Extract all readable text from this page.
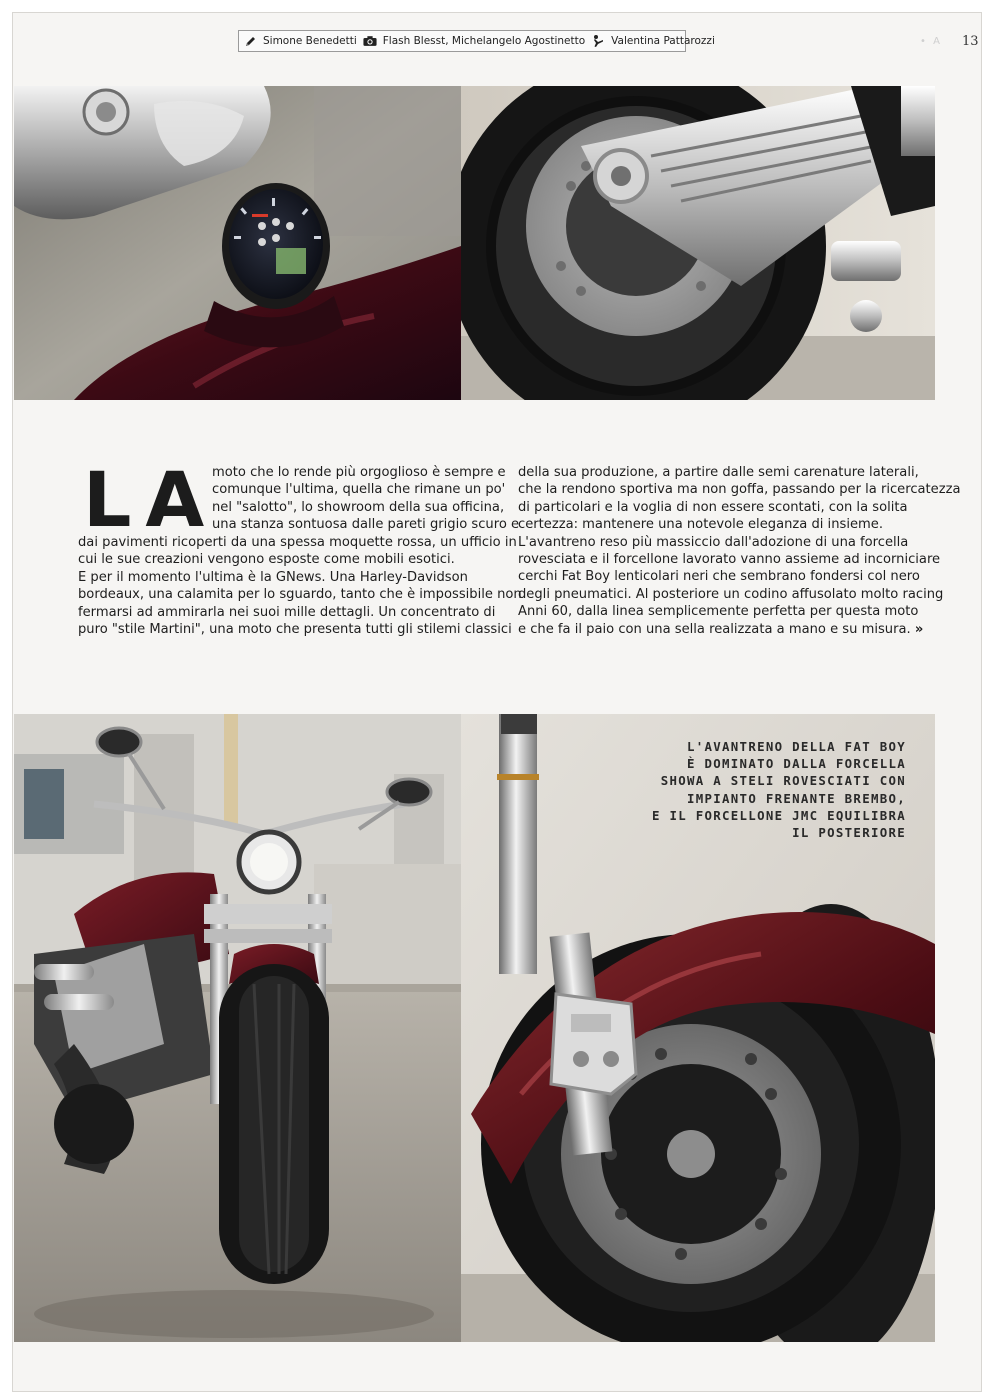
Simone Benedetti Flash Blesst, Michelangelo Agostinetto Valentina Pattarozzi	• A 13
LA

moto che lo rende più orgoglioso è sempre e

comunque l'ultima, quella che rimane un po'

nel "salotto", lo showroom della sua officina,

una stanza sontuosa dalle pareti grigio scuro e

dai pavimenti ricoperti da una spessa moquette rossa, un ufficio in

cui le sue creazioni vengono esposte come mobili esotici.

E per il momento l'ultima è la GNews. Una Harley-Davidson

bordeaux, una calamita per lo sguardo, tanto che è impossibile non

fermarsi ad ammirarla nei suoi mille dettagli. Un concentrato di

puro "stile Martini", una moto che presenta tutti gli stilemi classici

della sua produzione, a partire dalle semi carenature laterali,

che la rendono sportiva ma non goffa, passando per la ricercatezza

di particolari e la voglia di non essere scontati, con la solita

certezza: mantenere una notevole eleganza di insieme.

L'avantreno reso più massiccio dall'adozione di una forcella

rovesciata e il forcellone lavorato vanno assieme ad incorniciare

cerchi Fat Boy lenticolari neri che sembrano fondersi col nero

degli pneumatici. Al posteriore un codino affusolato molto racing

Anni 60, dalla linea semplicemente perfetta per questa moto

e che fa il paio con una sella realizzata a mano e su misura. »

L'AVANTRENO DELLA FAT BOY

È DOMINATO DALLA FORCELLA

SHOWA A STELI ROVESCIATI CON

IMPIANTO FRENANTE BREMBO,

E IL FORCELLONE JMC EQUILIBRA

IL POSTERIORE
